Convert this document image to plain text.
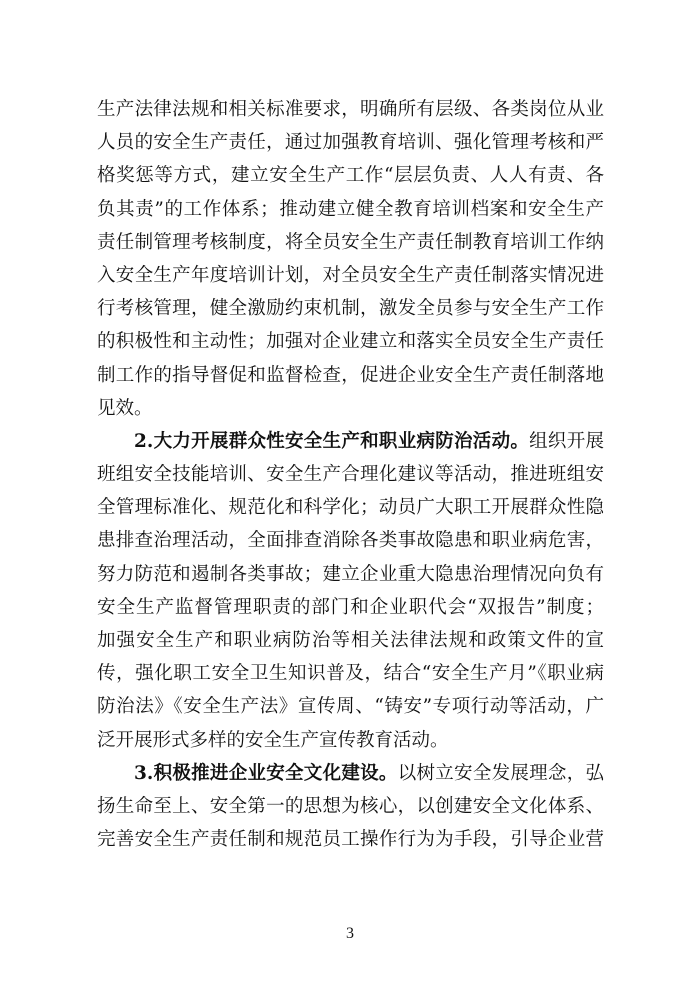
生产法律法规和相关标准要求，明确所有层级、各类岗位从业
人员的安全生产责任，通过加强教育培训、强化管理考核和严
格奖惩等方式，建立安全生产工作“层层负责、人人有责、各
负其责”的工作体系；推动建立健全教育培训档案和安全生产
责任制管理考核制度，将全员安全生产责任制教育培训工作纳
入安全生产年度培训计划，对全员安全生产责任制落实情况进
行考核管理，健全激励约束机制，激发全员参与安全生产工作
的积极性和主动性；加强对企业建立和落实全员安全生产责任
制工作的指导督促和监督检查，促进企业安全生产责任制落地
见效。
2.大力开展群众性安全生产和职业病防治活动。组织开展
班组安全技能培训、安全生产合理化建议等活动，推进班组安
全管理标准化、规范化和科学化；动员广大职工开展群众性隐
患排查治理活动，全面排查消除各类事故隐患和职业病危害，
努力防范和遏制各类事故；建立企业重大隐患治理情况向负有
安全生产监督管理职责的部门和企业职代会“双报告”制度；
加强安全生产和职业病防治等相关法律法规和政策文件的宣
传，强化职工安全卫生知识普及，结合“安全生产月”《职业病
防治法》《安全生产法》宣传周、“铸安”专项行动等活动，广
泛开展形式多样的安全生产宣传教育活动。
3.积极推进企业安全文化建设。以树立安全发展理念，弘
扬生命至上、安全第一的思想为核心，以创建安全文化体系、
完善安全生产责任制和规范员工操作行为为手段，引导企业营
3
